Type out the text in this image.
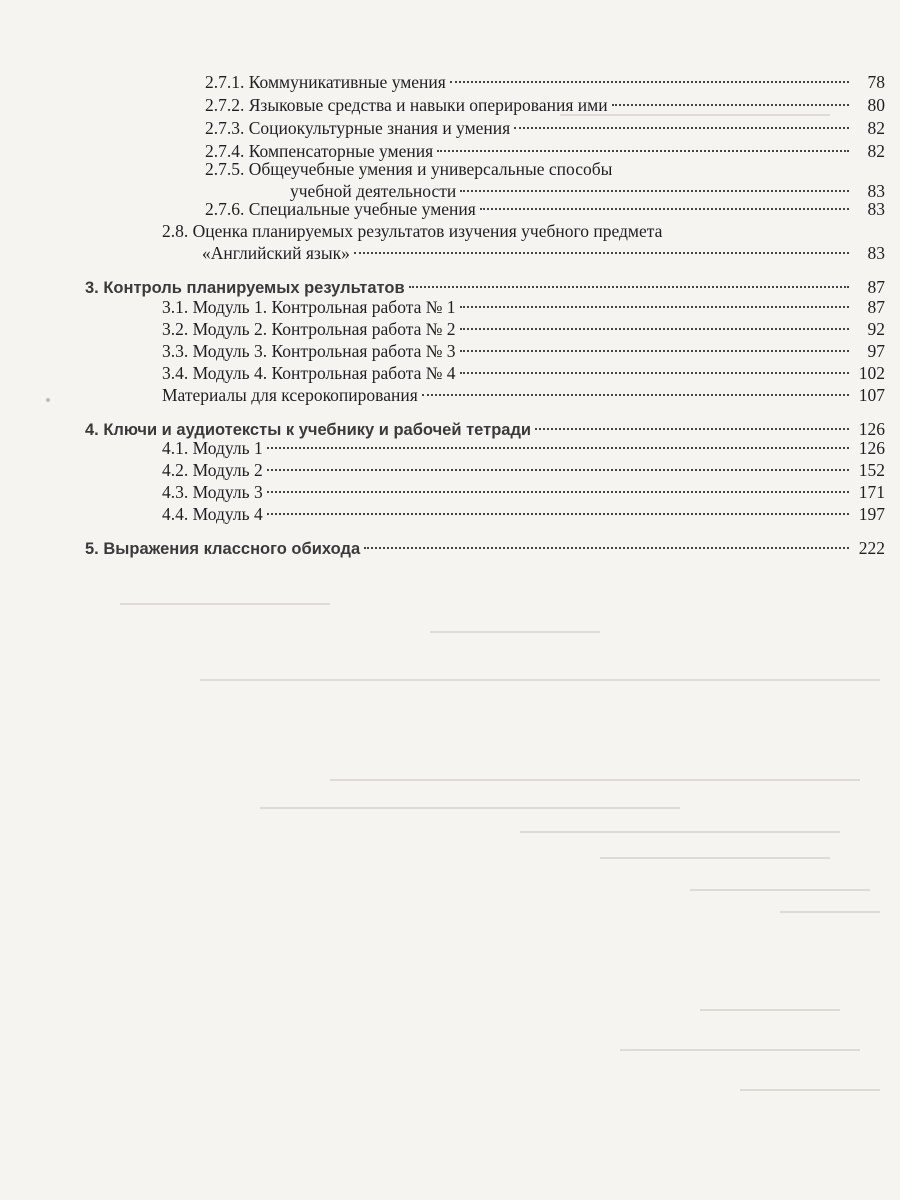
2.7.1. Коммуникативные умения	78
2.7.2. Языковые средства и навыки оперирования ими	80
2.7.3. Социокультурные знания и умения	82
2.7.4. Компенсаторные умения	82
2.7.5. Общеучебные умения и универсальные способы
учебной деятельности	83
2.7.6. Специальные учебные умения	83
2.8. Оценка планируемых результатов изучения учебного предмета
«Английский язык»	83
3. Контроль планируемых результатов	87
3.1. Модуль 1. Контрольная работа № 1	87
3.2. Модуль 2. Контрольная работа № 2	92
3.3. Модуль 3. Контрольная работа № 3	97
3.4. Модуль 4. Контрольная работа № 4	102
Материалы для ксерокопирования	107
4. Ключи и аудиотексты к учебнику и рабочей тетради	126
4.1. Модуль 1	126
4.2. Модуль 2	152
4.3. Модуль 3	171
4.4. Модуль 4	197
5. Выражения классного обихода	222
